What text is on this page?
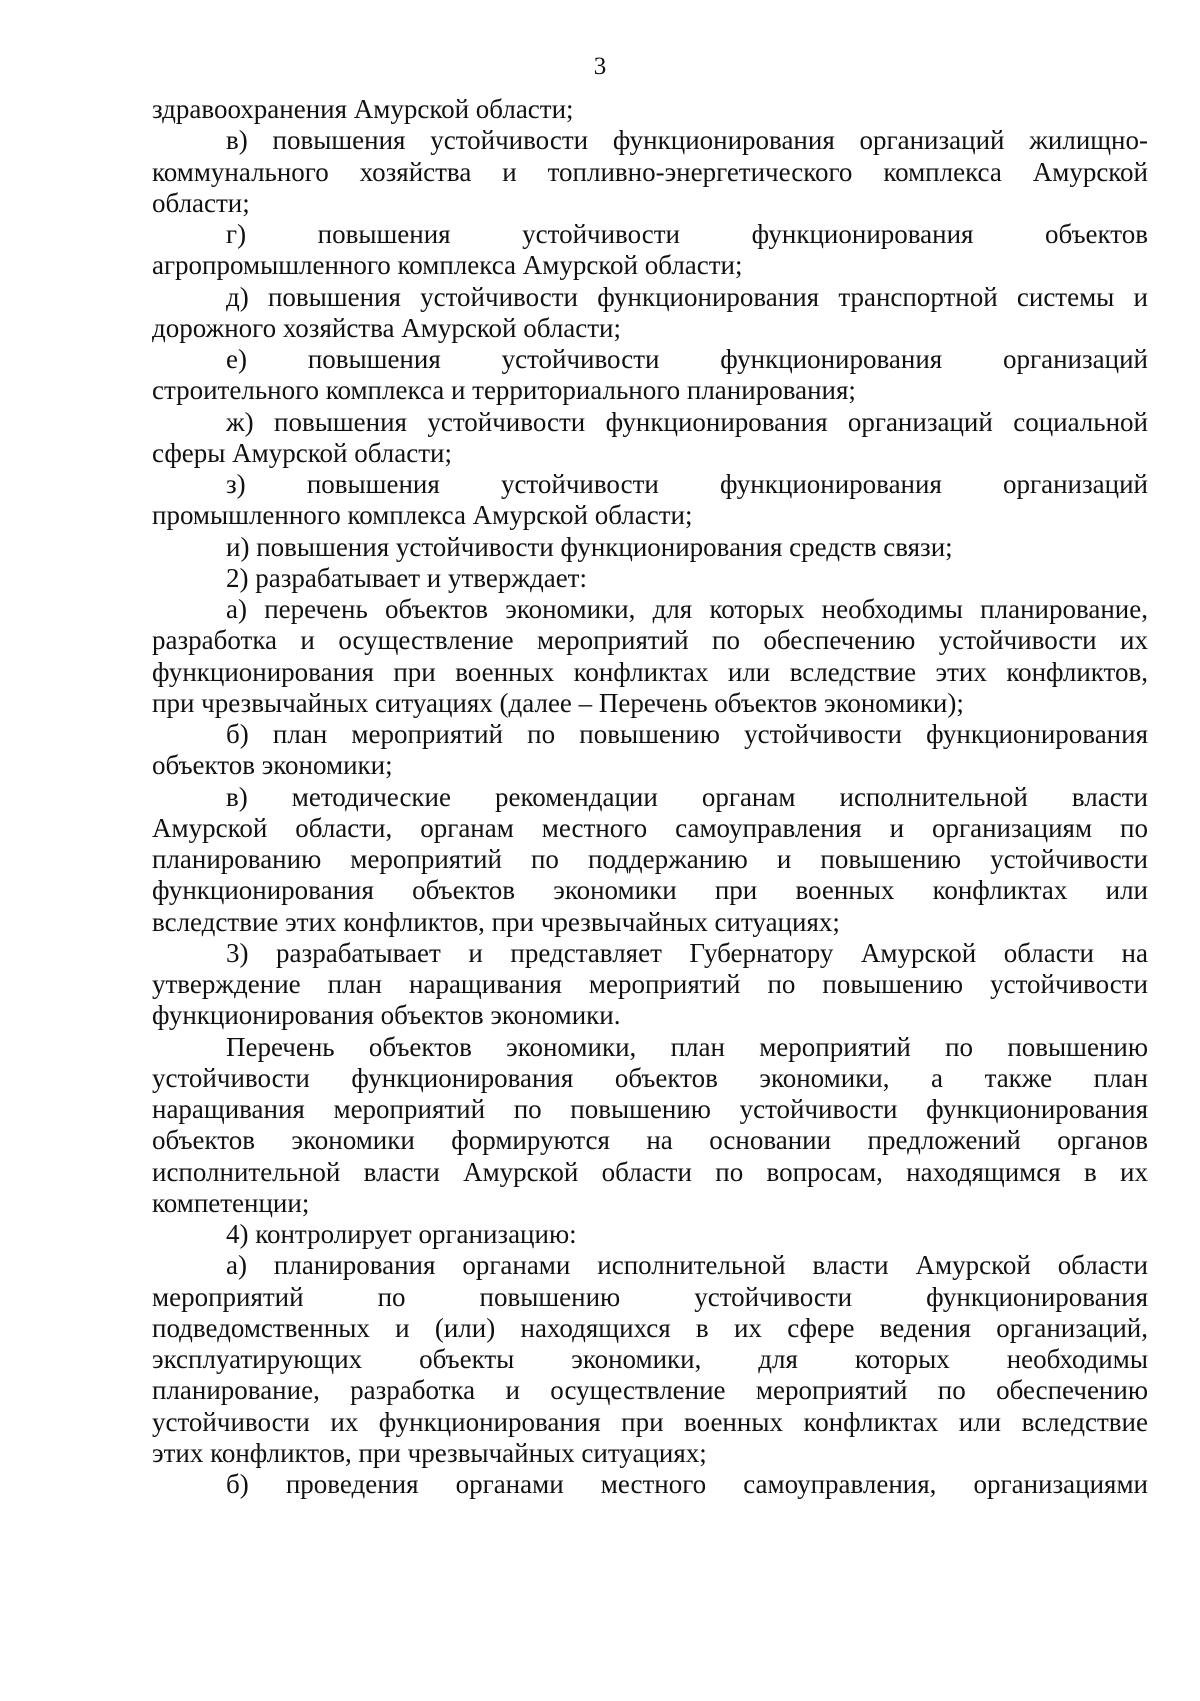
3
здравоохранения Амурской области;
в) повышения устойчивости функционирования организаций жилищно-
коммунального хозяйства и топливно-энергетического комплекса Амурской
области;
г) повышения устойчивости функционирования объектов
агропромышленного комплекса Амурской области;
д) повышения устойчивости функционирования транспортной системы и
дорожного хозяйства Амурской области;
е) повышения устойчивости функционирования организаций
строительного комплекса и территориального планирования;
ж) повышения устойчивости функционирования организаций социальной
сферы Амурской области;
з) повышения устойчивости функционирования организаций
промышленного комплекса Амурской области;
и) повышения устойчивости функционирования средств связи;
2) разрабатывает и утверждает:
а) перечень объектов экономики, для которых необходимы планирование,
разработка и осуществление мероприятий по обеспечению устойчивости их
функционирования при военных конфликтах или вследствие этих конфликтов,
при чрезвычайных ситуациях (далее – Перечень объектов экономики);
б) план мероприятий по повышению устойчивости функционирования
объектов экономики;
в) методические рекомендации органам исполнительной власти
Амурской области, органам местного самоуправления и организациям по
планированию мероприятий по поддержанию и повышению устойчивости
функционирования объектов экономики при военных конфликтах или
вследствие этих конфликтов, при чрезвычайных ситуациях;
3) разрабатывает и представляет Губернатору Амурской области на
утверждение план наращивания мероприятий по повышению устойчивости
функционирования объектов экономики.
Перечень объектов экономики, план мероприятий по повышению
устойчивости функционирования объектов экономики, а также план
наращивания мероприятий по повышению устойчивости функционирования
объектов экономики формируются на основании предложений органов
исполнительной власти Амурской области по вопросам, находящимся в их
компетенции;
4) контролирует организацию:
а) планирования органами исполнительной власти Амурской области
мероприятий по повышению устойчивости функционирования
подведомственных и (или) находящихся в их сфере ведения организаций,
эксплуатирующих объекты экономики, для которых необходимы
планирование, разработка и осуществление мероприятий по обеспечению
устойчивости их функционирования при военных конфликтах или вследствие
этих конфликтов, при чрезвычайных ситуациях;
б) проведения органами местного самоуправления, организациями
